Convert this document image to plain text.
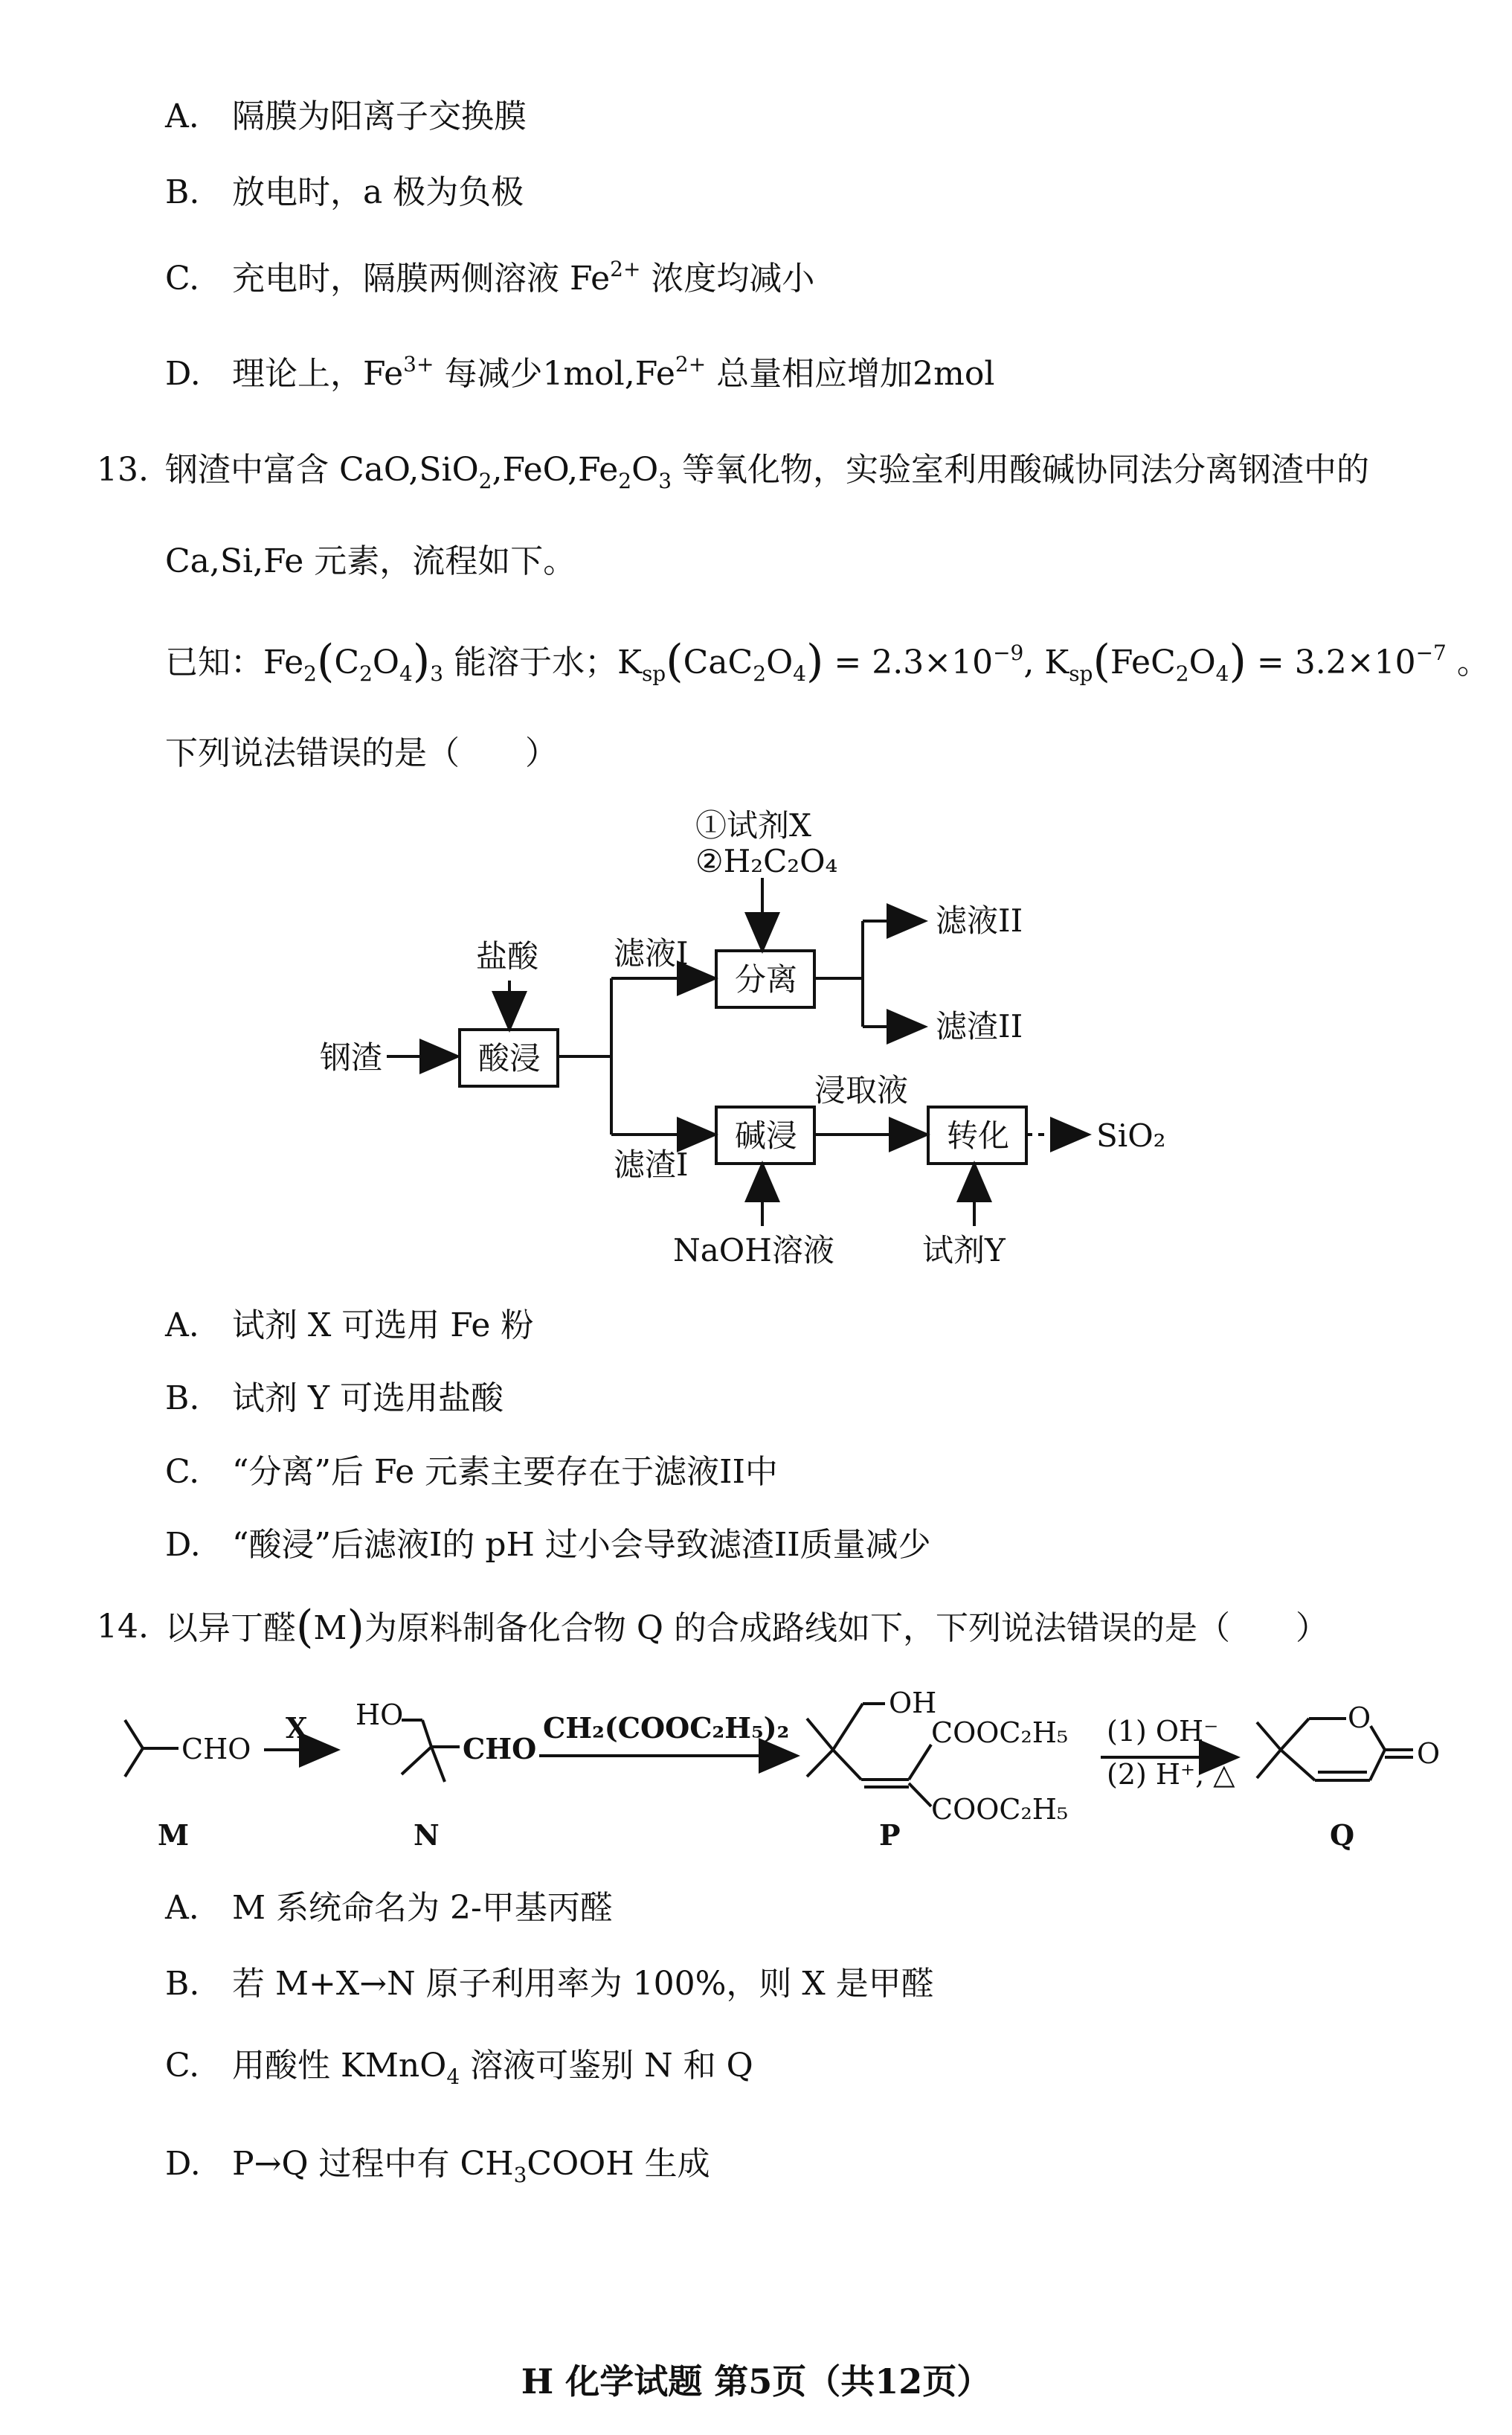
A. 隔膜为阳离子交换膜
B. 放电时，a 极为负极
C. 充电时，隔膜两侧溶液 $Fe^{2+}$ 浓度均减小
D. 理论上，$Fe^{3+}$ 每减少$1mol,Fe^{2+}$ 总量相应增加2mol
13. 钢渣中富含 $CaO,SiO_2,FeO,Fe_2O_3$ 等氧化物，实验室利用酸碱协同法分离钢渣中的
Ca,Si,Fe 元素，流程如下。
已知：$Fe_2(C_2O_4)_3$ 能溶于水；$K_{sp}(CaC_2O_4) = 2.3\times 10^{-9}$, $K_{sp}(FeC_2O_4) = 3.2\times 10^{-7}$ 。
下列说法错误的是（　　）
钢渣
盐酸
酸浸
滤液I
滤渣I
①试剂X
②H₂C₂O₄
分离
滤液II
滤渣II
碱浸
浸取液
转化	SiO₂
NaOH溶液	试剂Y
A. 试剂 X 可选用 Fe 粉
B. 试剂 Y 可选用盐酸
C. “分离”后 Fe 元素主要存在于滤液II中
D. “酸浸”后滤液I的 pH 过小会导致滤渣II质量减少
14. 以异丁醛(M)为原料制备化合物 Q 的合成路线如下，下列说法错误的是（　　）
CHO
X HO
CHO
CH₂(COOC₂H₅)₂
OH
COOC₂H₅
COOC₂H₅
(1) OH⁻
(2) H⁺, △
O
O
M	N	P	Q
A. M 系统命名为 2-甲基丙醛
B. 若 M+X→N 原子利用率为 100%，则 X 是甲醛
C. 用酸性 KMnO$_4$ 溶液可鉴别 N 和 Q
D. P→Q 过程中有 $CH_3COOH$ 生成
H 化学试题 第5页（共12页）
